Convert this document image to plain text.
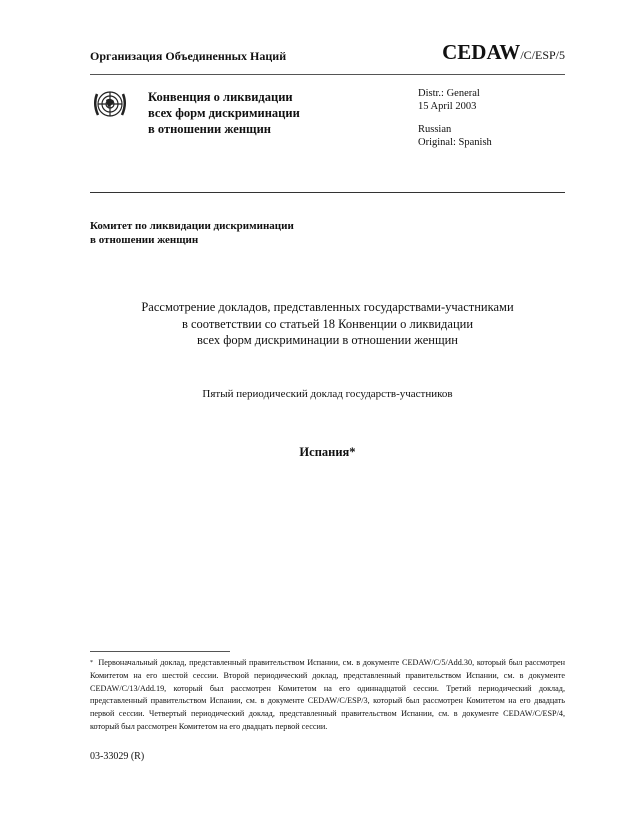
Организация Объединенных Наций	CEDAW/C/ESP/5
Конвенция о ликвидации
всех форм дискриминации
в отношении женщин
Distr.: General
15 April 2003
Russian
Original: Spanish
Комитет по ликвидации дискриминации
в отношении женщин
Рассмотрение докладов, представленных государствами-участниками
в соответствии со статьей 18 Конвенции о ликвидации
всех форм дискриминации в отношении женщин
Пятый периодический доклад государств-участников
Испания*
* Первоначальный доклад, представленный правительством Испании, см. в документе CEDAW/C/5/Add.30, который был рассмотрен Комитетом на его шестой сессии. Второй периодический доклад, представленный правительством Испании, см. в документе CEDAW/C/13/Add.19, который был рассмотрен Комитетом на его одиннадцатой сессии. Третий периодический доклад, представленный правительством Испании, см. в документе CEDAW/C/ESP/3, который был рассмотрен Комитетом на его двадцать первой сессии. Четвертый периодический доклад, представленный правительством Испании, см. в документе CEDAW/C/ESP/4, который был рассмотрен Комитетом на его двадцать первой сессии.
03-33029 (R)
